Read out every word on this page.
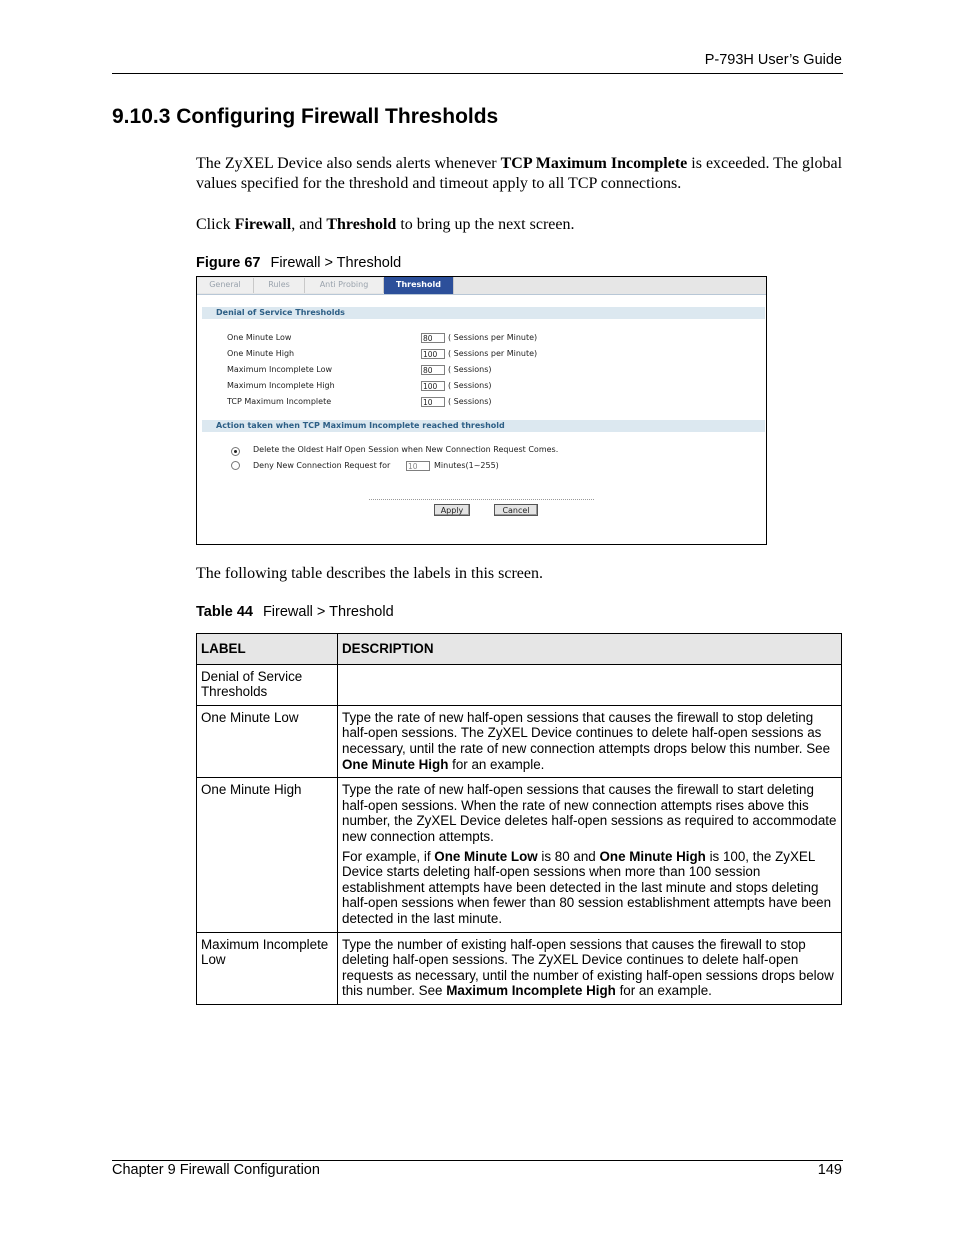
P-793H User’s Guide
9.10.3 Configuring Firewall Thresholds

The ZyXEL Device also sends alerts whenever TCP Maximum Incomplete is exceeded. The global values specified for the threshold and timeout apply to all TCP connections.

Click Firewall, and Threshold to bring up the next screen.

Figure 67 Firewall > Threshold
General	Rules	Anti Probing	Threshold
Denial of Service Thresholds
One Minute Low	80	( Sessions per Minute)
One Minute High	100	( Sessions per Minute)
Maximum Incomplete Low	80	( Sessions)
Maximum Incomplete High	100	( Sessions)
TCP Maximum Incomplete	10	( Sessions)
Action taken when TCP Maximum Incomplete reached threshold
Delete the Oldest Half Open Session when New Connection Request Comes.
Deny New Connection Request for 10	Minutes(1~255)
Apply	Cancel

The following table describes the labels in this screen.

Table 44 Firewall > Threshold
LABEL	DESCRIPTION
Denial of Service Thresholds	
One Minute Low	Type the rate of new half-open sessions that causes the firewall to stop deleting half-open sessions. The ZyXEL Device continues to delete half-open sessions as necessary, until the rate of new connection attempts drops below this number. See One Minute High for an example.

One Minute High	Type the rate of new half-open sessions that causes the firewall to start deleting half-open sessions. When the rate of new connection attempts rises above this number, the ZyXEL Device deletes half-open sessions as required to accommodate new connection attempts.

For example, if One Minute Low is 80 and One Minute High is 100, the ZyXEL Device starts deleting half-open sessions when more than 100 session establishment attempts have been detected in the last minute and stops deleting half-open sessions when fewer than 80 session establishment attempts have been detected in the last minute.

Maximum Incomplete Low	Type the number of existing half-open sessions that causes the firewall to stop deleting half-open sessions. The ZyXEL Device continues to delete half-open requests as necessary, until the number of existing half-open sessions drops below this number. See Maximum Incomplete High for an example.

Chapter 9 Firewall Configuration	149
